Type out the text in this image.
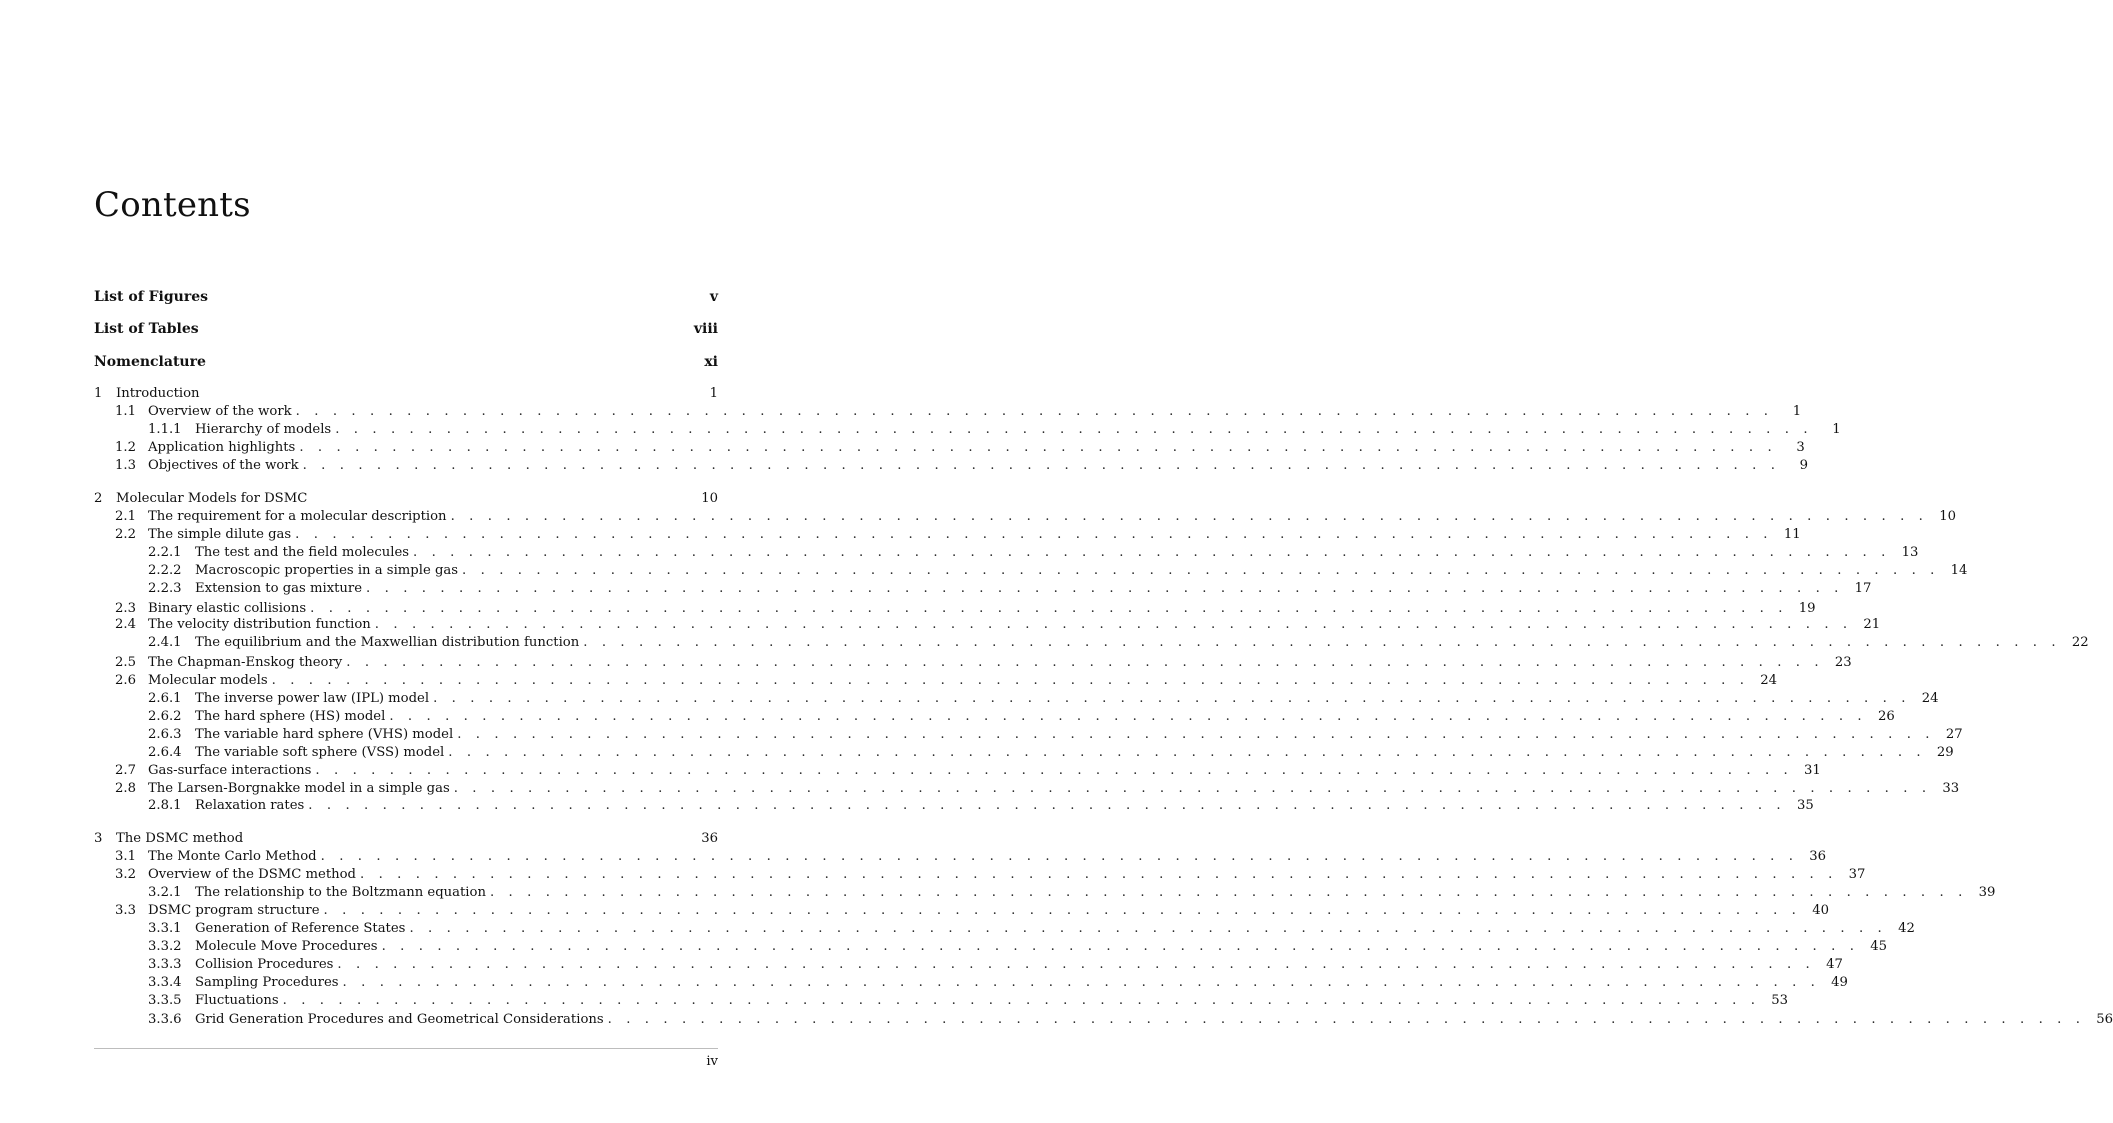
Contents
List of Figures	v
List of Tables	viii
Nomenclature	xi
1	Introduction	1
1.1 Overview of the work . . .	1
1.1.1	Hierarchy of models . . .	1
1.2 Application highlights . . .	3
1.3 Objectives of the work . . .	9
2	Molecular Models for DSMC	10
2.1 The requirement for a molecular description . . .	10
2.2 The simple dilute gas . . .	11
2.2.1	The test and the field molecules . . .	13
2.2.2	Macroscopic properties in a simple gas . . .	14
2.2.3	Extension to gas mixture . . .	17
2.3 Binary elastic collisions . . .	19
2.4 The velocity distribution function . . .	21
2.4.1	The equilibrium and the Maxwellian distribution function . . .	22
2.5 The Chapman-Enskog theory . . .	23
2.6 Molecular models . . .	24
2.6.1	The inverse power law (IPL) model . . .	24
2.6.2	The hard sphere (HS) model . . .	26
2.6.3	The variable hard sphere (VHS) model . . .	27
2.6.4	The variable soft sphere (VSS) model . . .	29
2.7 Gas-surface interactions . . .	31
2.8 The Larsen-Borgnakke model in a simple gas . . .	33
2.8.1	Relaxation rates . . .	35
3	The DSMC method	36
3.1 The Monte Carlo Method . . .	36
3.2 Overview of the DSMC method . . .	37
3.2.1	The relationship to the Boltzmann equation . . .	39
3.3 DSMC program structure . . .	40
3.3.1	Generation of Reference States . . .	42
3.3.2	Molecule Move Procedures . . .	45
3.3.3	Collision Procedures . . .	47
3.3.4	Sampling Procedures . . .	49
3.3.5	Fluctuations . . .	53
3.3.6	Grid Generation Procedures and Geometrical Considerations . . .	56
iv
